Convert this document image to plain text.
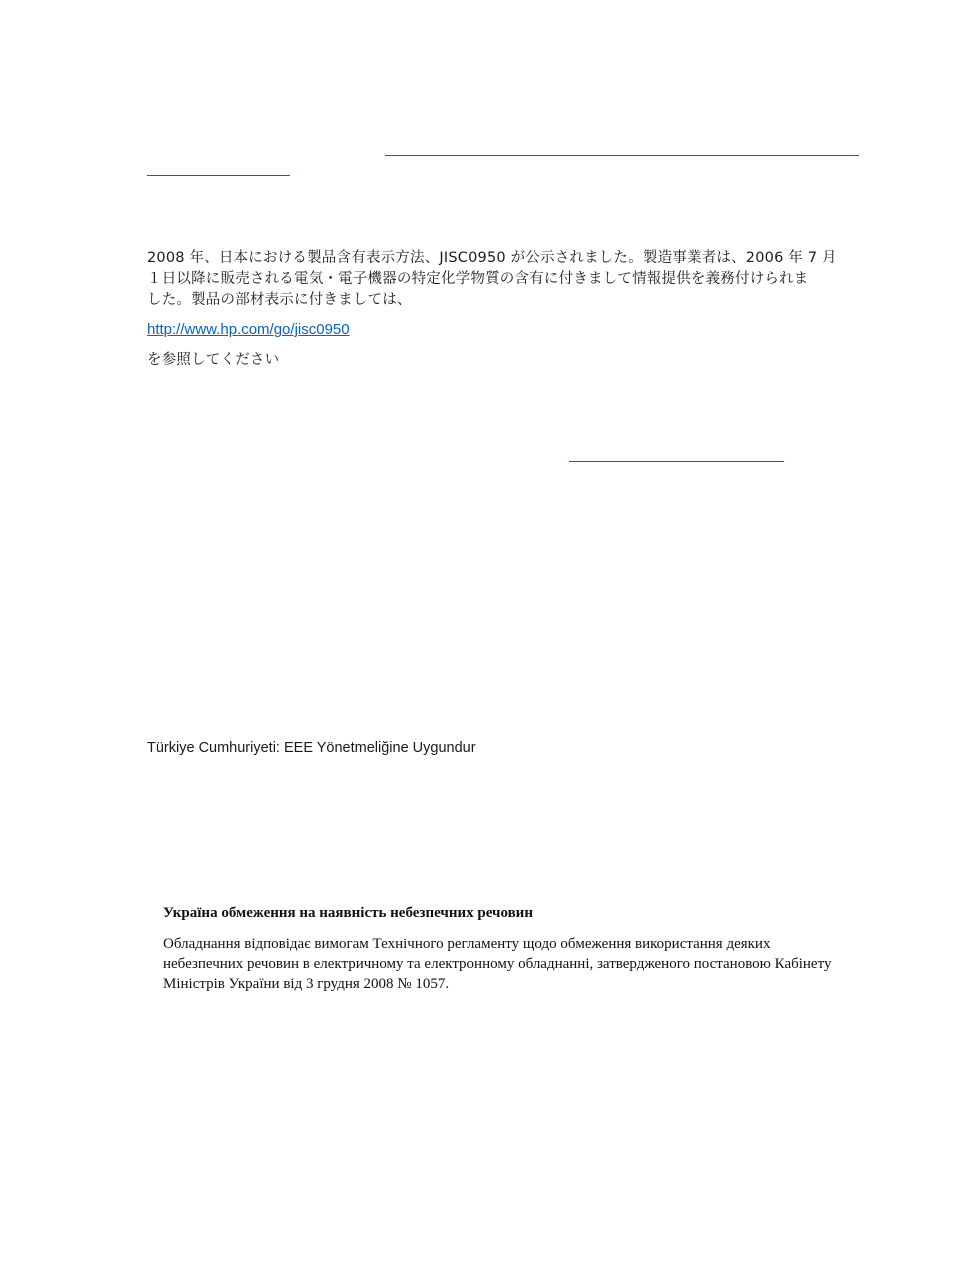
2008 年、日本における製品含有表示方法、JISC0950 が公示されました。製造事業者は、2006 年 7 月
１日以降に販売される電気・電子機器の特定化学物質の含有に付きまして情報提供を義務付けられま
した。製品の部材表示に付きましては、
http://www.hp.com/go/jisc0950
を参照してください
Türkiye Cumhuriyeti: EEE Yönetmeliğine Uygundur
Україна обмеження на наявність небезпечних речовин
Обладнання відповідає вимогам Технічного регламенту щодо обмеження використання деяких
небезпечних речовин в електричному та електронному обладнанні, затвердженого постановою Кабінету
Міністрів України від 3 грудня 2008 № 1057.
